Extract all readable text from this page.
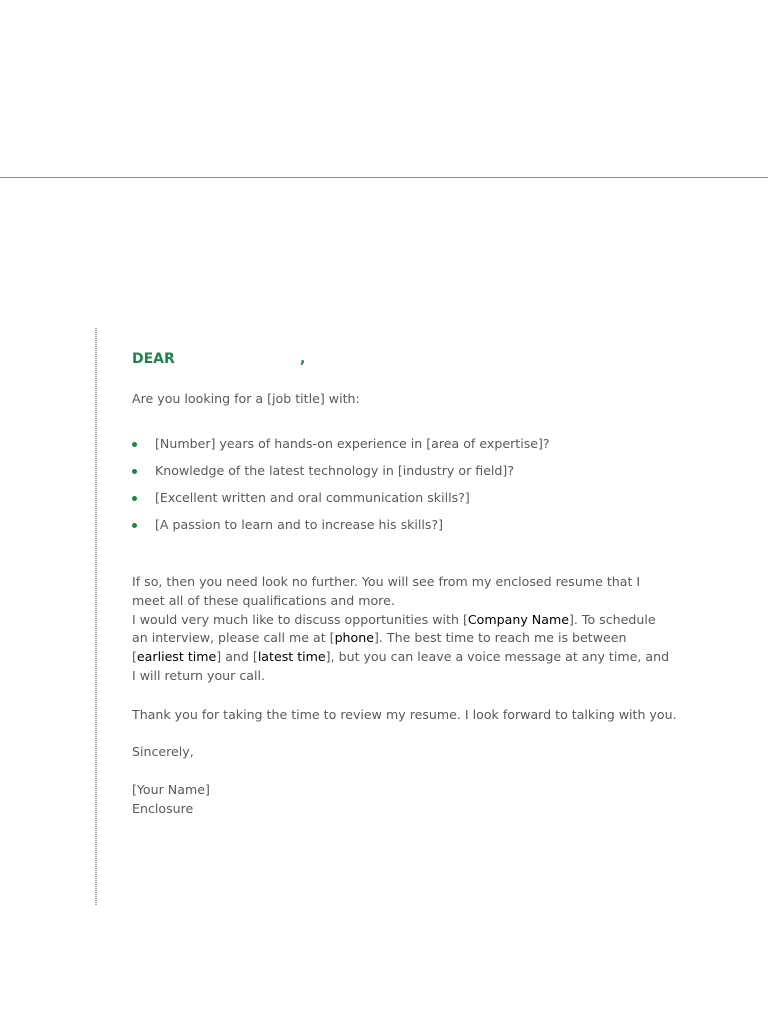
DEAR	,
Are you looking for a [job title] with:
[Number] years of hands-on experience in [area of expertise]?
Knowledge of the latest technology in [industry or field]?
[Excellent written and oral communication skills?]
[A passion to learn and to increase his skills?]

If so, then you need look no further. You will see from my enclosed resume that I meet all of these qualifications and more.

I would very much like to discuss opportunities with [Company Name]. To schedule an interview, please call me at [phone]. The best time to reach me is between [earliest time] and [latest time], but you can leave a voice message at any time, and I will return your call.

Thank you for taking the time to review my resume. I look forward to talking with you.
Sincerely,
[Your Name]
Enclosure
